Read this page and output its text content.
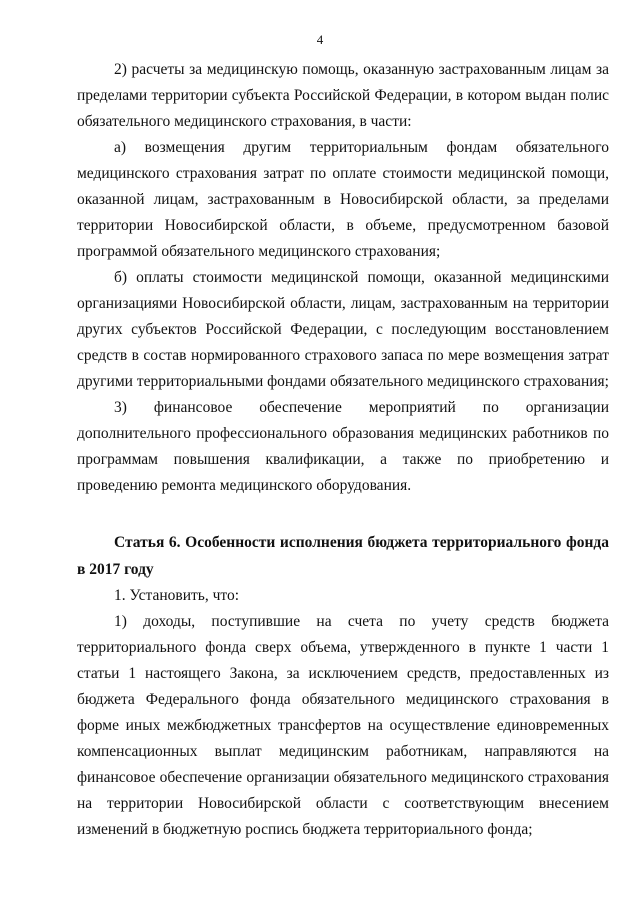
4

2) расчеты за медицинскую помощь, оказанную застрахованным лицам за пределами территории субъекта Российской Федерации, в котором выдан полис обязательного медицинского страхования, в части:

а) возмещения другим территориальным фондам обязательного медицинского страхования затрат по оплате стоимости медицинской помощи, оказанной лицам, застрахованным в Новосибирской области, за пределами территории Новосибирской области, в объеме, предусмотренном базовой программой обязательного медицинского страхования;

б) оплаты стоимости медицинской помощи, оказанной медицинскими организациями Новосибирской области, лицам, застрахованным на территории других субъектов Российской Федерации, с последующим восстановлением средств в состав нормированного страхового запаса по мере возмещения затрат другими территориальными фондами обязательного медицинского страхования;

3) финансовое обеспечение мероприятий по организации дополнительного профессионального образования медицинских работников по программам повышения квалификации, а также по приобретению и проведению ремонта медицинского оборудования.

Статья 6. Особенности исполнения бюджета территориального фонда в 2017 году

1. Установить, что:

1) доходы, поступившие на счета по учету средств бюджета территориального фонда сверх объема, утвержденного в пункте 1 части 1 статьи 1 настоящего Закона, за исключением средств, предоставленных из бюджета Федерального фонда обязательного медицинского страхования в форме иных межбюджетных трансфертов на осуществление единовременных компенсационных выплат медицинским работникам, направляются на финансовое обеспечение организации обязательного медицинского страхования на территории Новосибирской области с соответствующим внесением изменений в бюджетную роспись бюджета территориального фонда;
